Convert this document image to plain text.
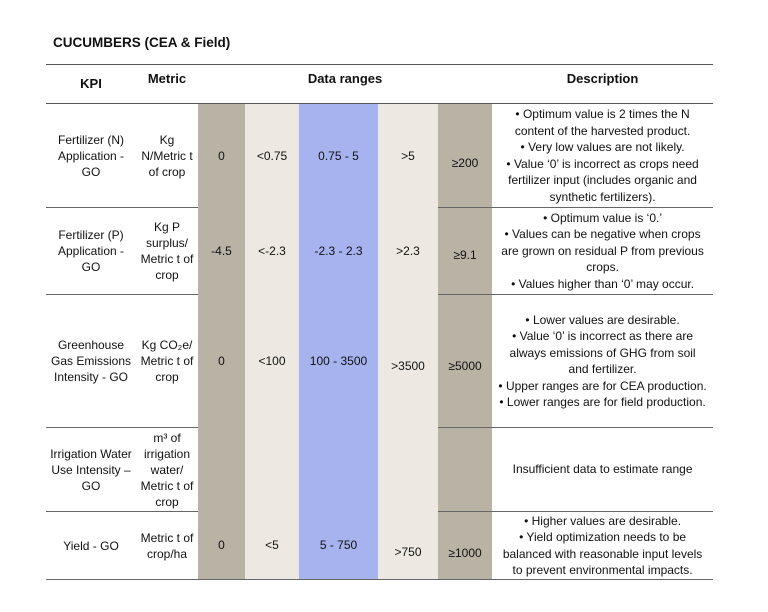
CUCUMBERS (CEA & Field)
KPI	Metric	Data ranges					Description
Fertilizer (N) Application - GO	Kg N/Metric t of crop	0	<0.75	0.75 - 5	>5	≥200	• Optimum value is 2 times the N content of the harvested product.
• Very low values are not likely.
• Value ‘0’ is incorrect as crops need fertilizer input (includes organic and synthetic fertilizers).

Fertilizer (P) Application - GO	Kg P surplus/ Metric t of crop	-4.5	<-2.3	-2.3 - 2.3	>2.3	≥9.1	• Optimum value is ‘0.’
• Values can be negative when crops are grown on residual P from previous crops.
• Values higher than ‘0’ may occur.

Greenhouse Gas Emissions Intensity - GO	Kg CO₂e/ Metric t of crop	0	<100	100 - 3500	>3500	≥5000	• Lower values are desirable.
• Value ‘0’ is incorrect as there are always emissions of GHG from soil and fertilizer.
• Upper ranges are for CEA production.
• Lower ranges are for field production.

Irrigation Water Use Intensity – GO	m³ of irrigation water/ Metric t of crop						Insufficient data to estimate range

Yield - GO	Metric t of crop/ha	0	<5	5 - 750	>750	≥1000	• Higher values are desirable.
• Yield optimization needs to be balanced with reasonable input levels to prevent environmental impacts.
